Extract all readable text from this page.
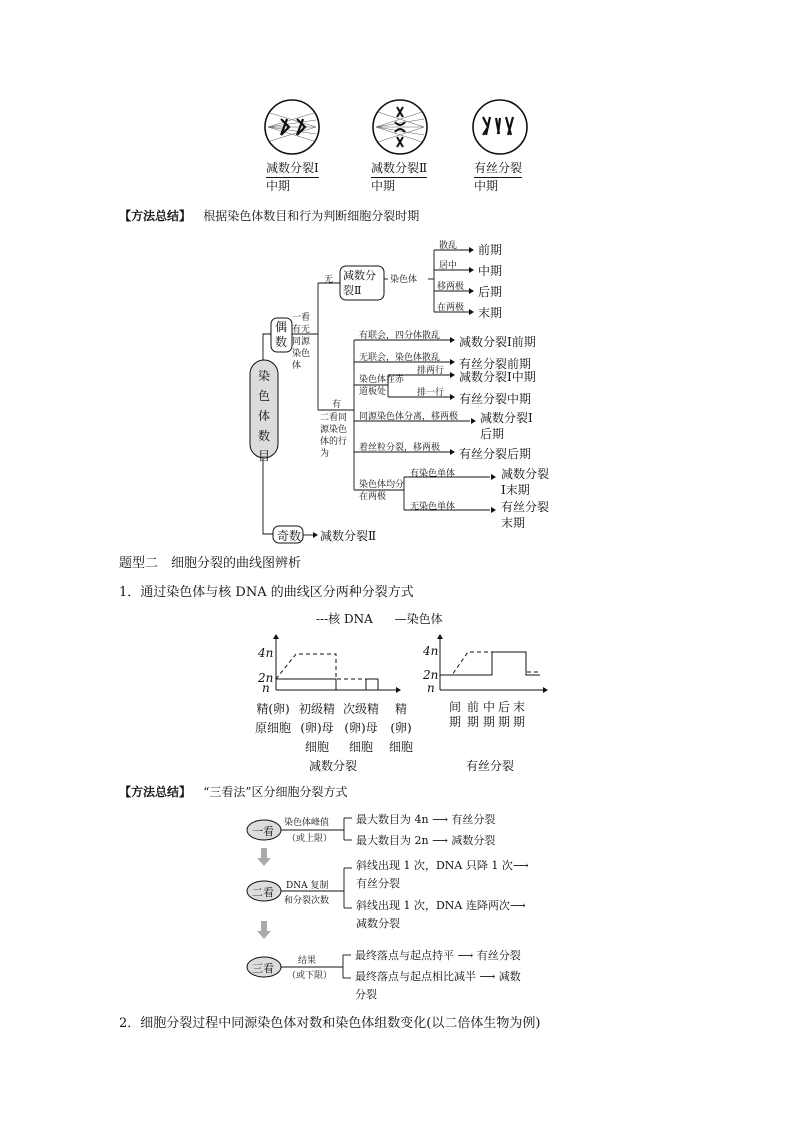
减数分裂Ⅰ
中期
减数分裂Ⅱ
中期
有丝分裂
中期
【方法总结】 根据染色体数目和行为判断细胞分裂时期
染色体数目
偶数
奇数 减数分裂Ⅱ
一看有无同源染色体
无
有
减数分裂Ⅱ
染色体
散乱
居中
移两极
在两极
前期
中期
后期
末期
二看同源染色体的行为
有联会，四分体散乱 减数分裂Ⅰ前期
无联会，染色体散乱 有丝分裂前期
染色体在赤道板处
排两行 减数分裂Ⅰ中期
排一行 有丝分裂中期
同源染色体分离，移两极 减数分裂Ⅰ后期
着丝粒分裂，移两极 有丝分裂后期
染色体均分在两极
有染色单体	减数分裂Ⅰ末期
无染色单体	有丝分裂末期
题型二　细胞分裂的曲线图辨析
1．通过染色体与核 DNA 的曲线区分两种分裂方式
---核 DNA —染色体
4n
2n
n
4n
2n
n
精(卵)原细胞
初级精(卵)母细胞
次级精(卵)母细胞
精(卵)细胞
减数分裂
间期
前期
中期
后期
末期
有丝分裂
【方法总结】 “三看法”区分细胞分裂方式
一看
染色体峰值
（或上限）
最大数目为 4n ⟶ 有丝分裂
最大数目为 2n ⟶ 减数分裂
二看 DNA 复制
和分裂次数
斜线出现 1 次，DNA 只降 1 次⟶
有丝分裂
斜线出现 1 次，DNA 连降两次⟶
减数分裂
三看
结果
（或下限）
最终落点与起点持平 ⟶ 有丝分裂
最终落点与起点相比减半 ⟶ 减数
分裂
2．细胞分裂过程中同源染色体对数和染色体组数变化(以二倍体生物为例)
